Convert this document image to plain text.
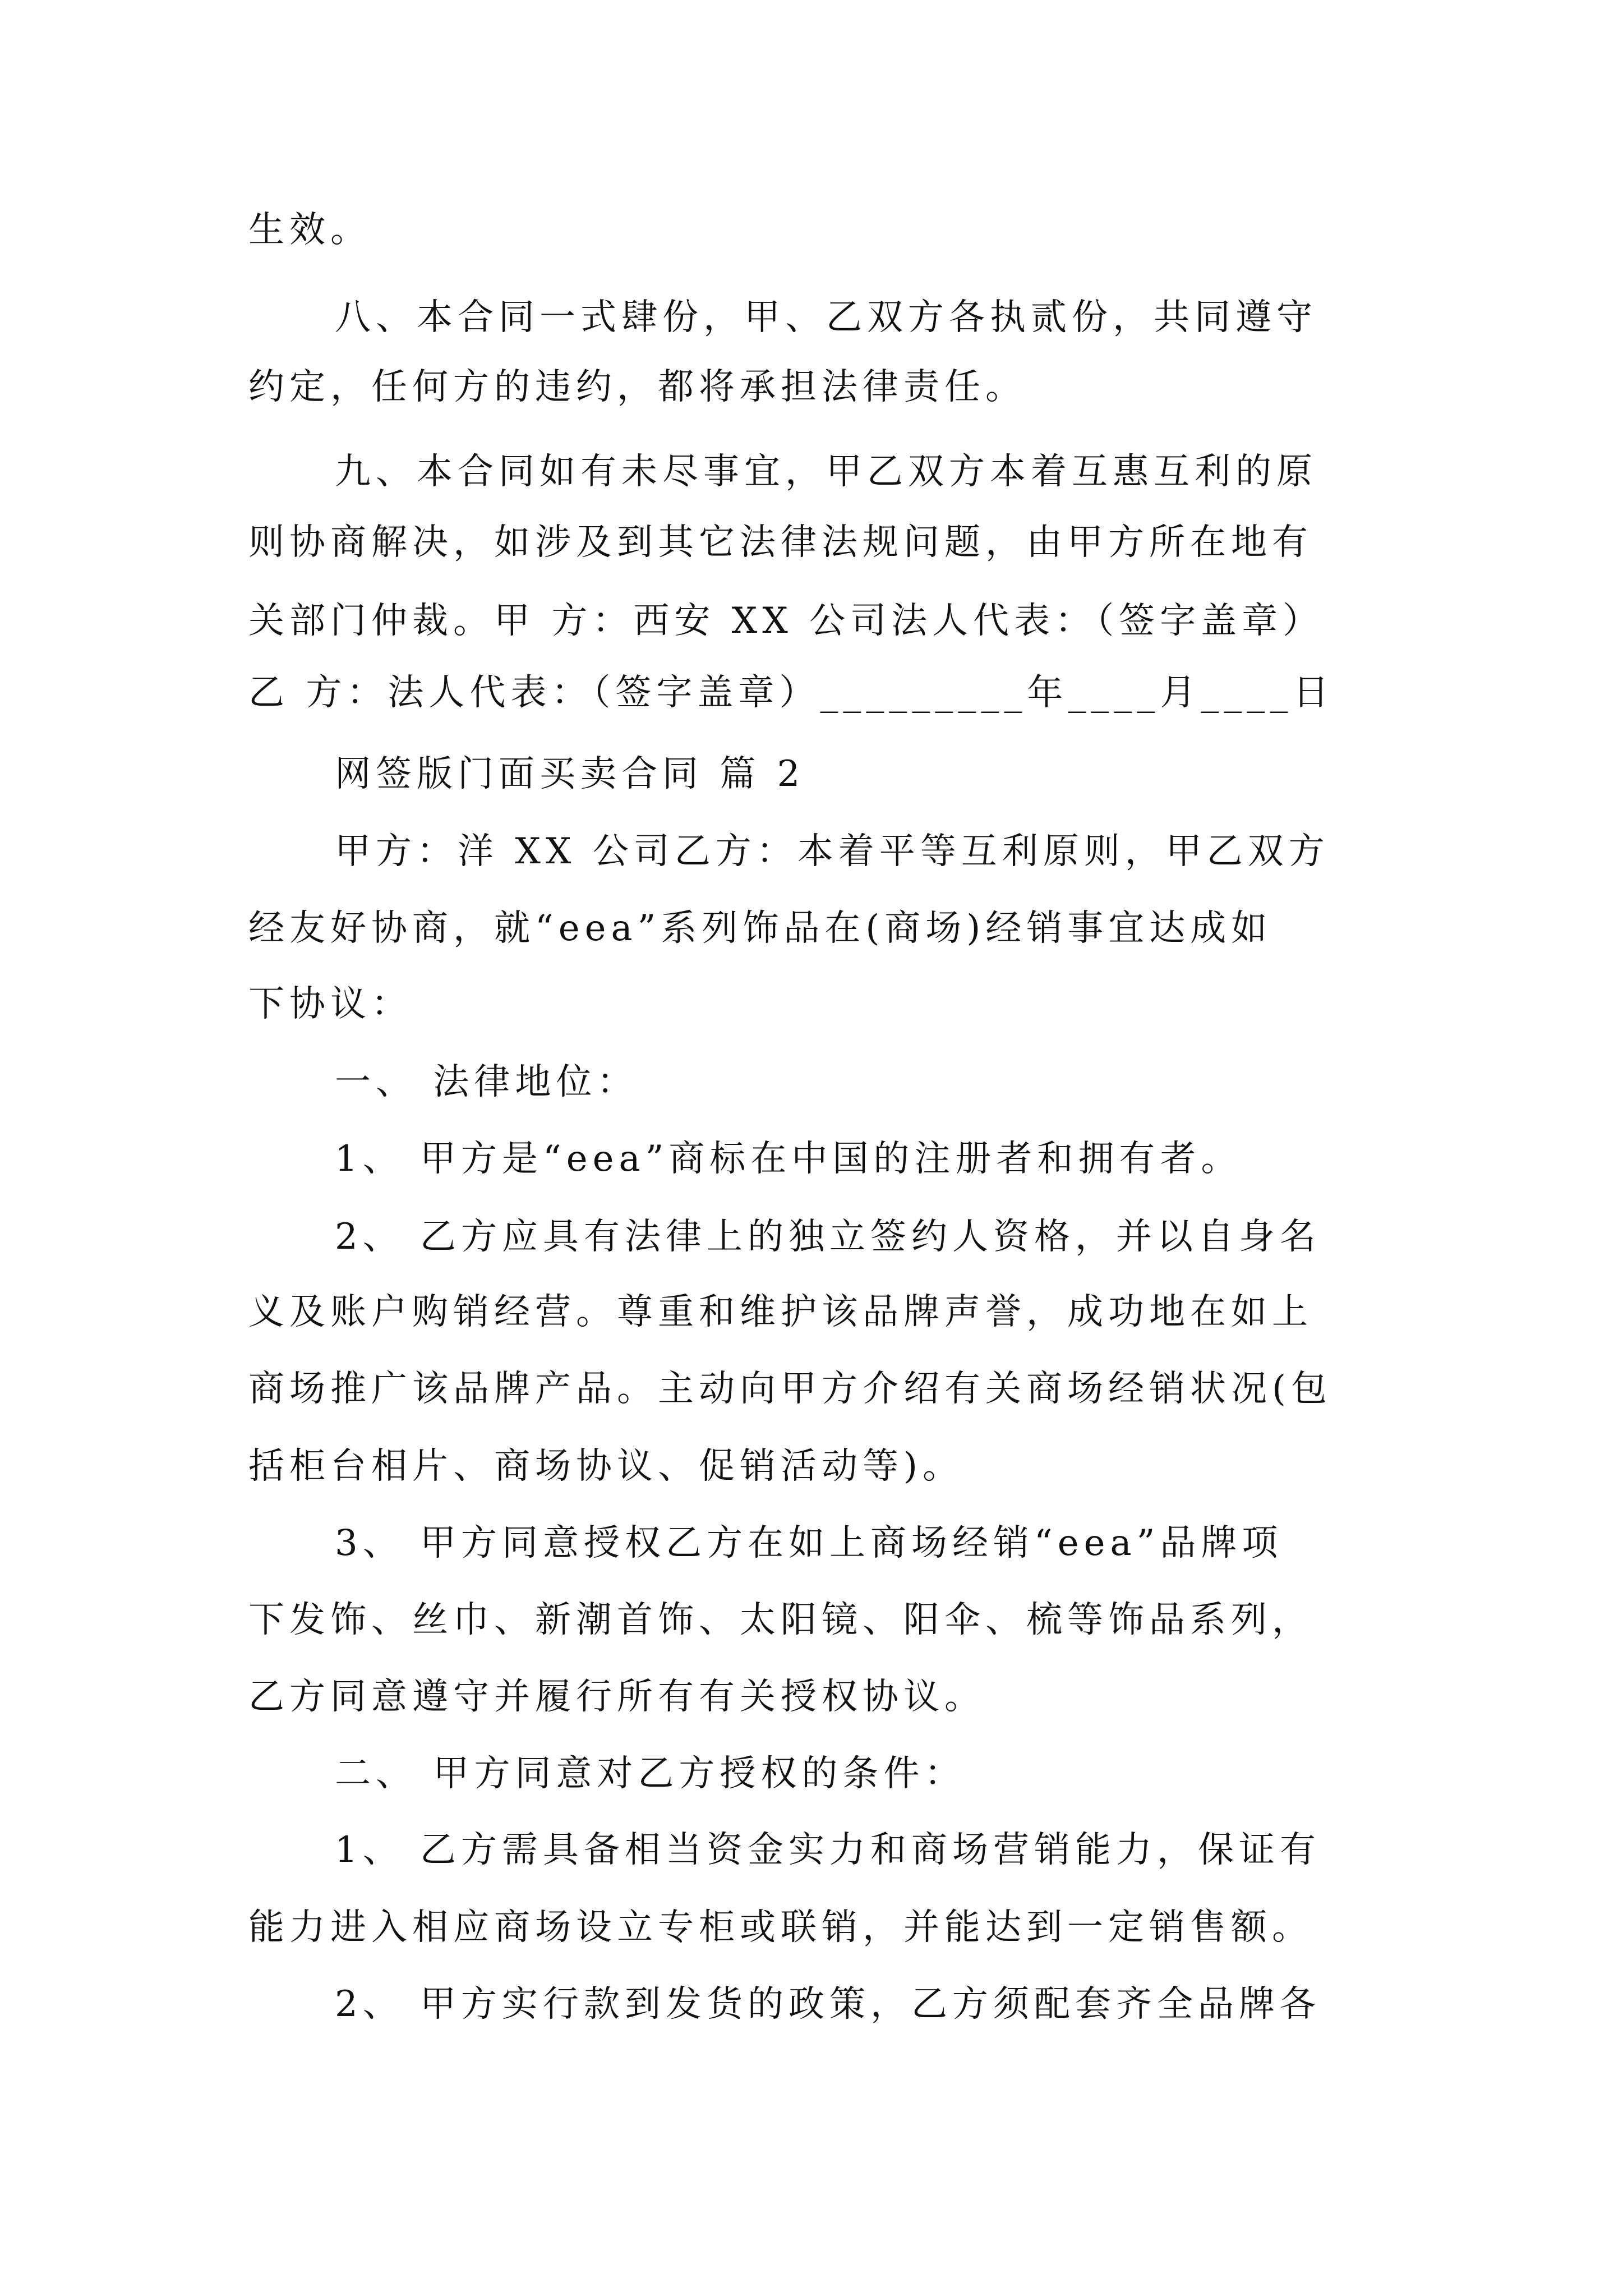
生效。
八、本合同一式肆份，甲、乙双方各执贰份，共同遵守
约定，任何方的违约，都将承担法律责任。
九、本合同如有未尽事宜，甲乙双方本着互惠互利的原
则协商解决，如涉及到其它法律法规问题，由甲方所在地有
关部门仲裁。甲 方：西安 XX 公司法人代表：（签字盖章）
乙 方：法人代表：（签字盖章）_________年____月____日
网签版门面买卖合同 篇 2
甲方：洋 XX 公司乙方：本着平等互利原则，甲乙双方
经友好协商，就“eea”系列饰品在(商场)经销事宜达成如
下协议：
一、 法律地位：
1、 甲方是“eea”商标在中国的注册者和拥有者。
2、 乙方应具有法律上的独立签约人资格，并以自身名
义及账户购销经营。尊重和维护该品牌声誉，成功地在如上
商场推广该品牌产品。主动向甲方介绍有关商场经销状况(包
括柜台相片、商场协议、促销活动等)。
3、 甲方同意授权乙方在如上商场经销“eea”品牌项
下发饰、丝巾、新潮首饰、太阳镜、阳伞、梳等饰品系列，
乙方同意遵守并履行所有有关授权协议。
二、 甲方同意对乙方授权的条件：
1、 乙方需具备相当资金实力和商场营销能力，保证有
能力进入相应商场设立专柜或联销，并能达到一定销售额。
2、 甲方实行款到发货的政策，乙方须配套齐全品牌各
